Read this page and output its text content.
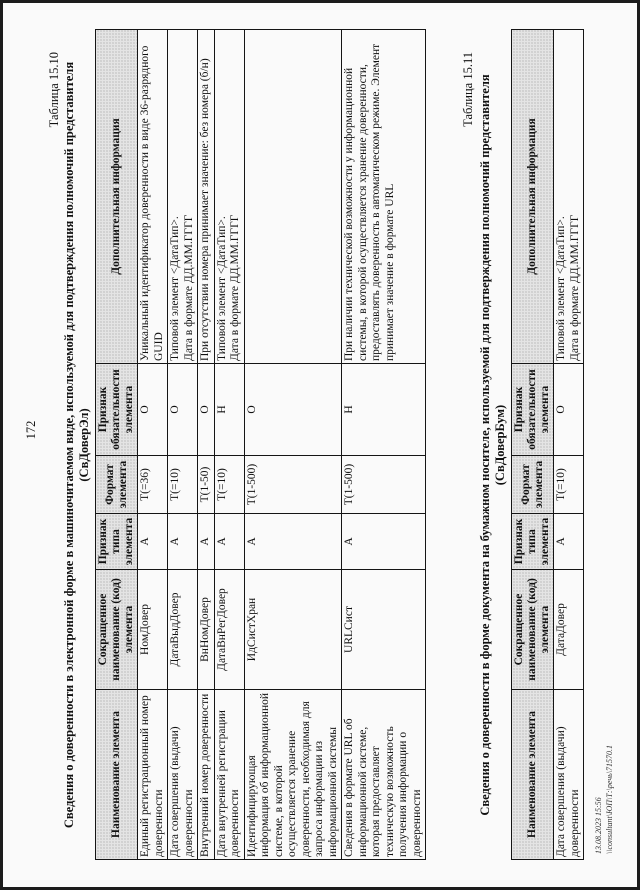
172
Таблица 15.10 Сведения о доверенности в электронной форме в машиночитаемом виде, используемой для подтверждения полномочий представителя (СвДоверЭл)
Наименование элемента	Сокращенное наименование (код) элемента	Признак типа элемента	Формат элемента	Признак обязательности элемента	Дополнительная информация
Единый регистрационный номер доверенности	НомДовер	А	T(=36)	О	Уникальный идентификатор доверенности в виде 36-разрядного GUID
Дата совершения (выдачи) доверенности	ДатаВыдДовер	А	T(=10)	О	Типовой элемент <ДатаТип>.
Дата в формате ДД.ММ.ГГГГ
Внутренний номер доверенности	ВнНомДовер	А	T(1-50)	О	При отсутствии номера принимает значение: без номера (б/н)
Дата внутренней регистрации доверенности	ДатаВнРегДовер	А	T(=10)	Н	Типовой элемент <ДатаТип>.
Дата в формате ДД.ММ.ГГГГ
Идентифицирующая информация об информационной системе, в которой осуществляется хранение доверенности, необходимая для запроса информации из информационной системы	ИдСистХран	А	T(1-500)	О	
Сведения в формате URL об информационной системе, которая предоставляет техническую возможность получения информации о доверенности	URLСист	А	T(1-500)	Н	При наличии технической возможности у информационной системы, в которой осуществляется хранение доверенности, предоставлять доверенность в автоматическом режиме. Элемент принимает значение в формате URL
Таблица 15.11 Сведения о доверенности в форме документа на бумажном носителе, используемой для подтверждения полномочий представителя (СвДоверБум)
Наименование элемента	Сокращенное наименование (код) элемента	Признак типа элемента	Формат элемента	Признак обязательности элемента	Дополнительная информация
Дата совершения (выдачи) доверенности	ДатаДовер	А	T(=10)	О	Типовой элемент <ДатаТип>.
Дата в формате ДД.ММ.ГГГГ
13.08.2023 15:56 \\consultant\ЮП\Т:\речь\71570.1
